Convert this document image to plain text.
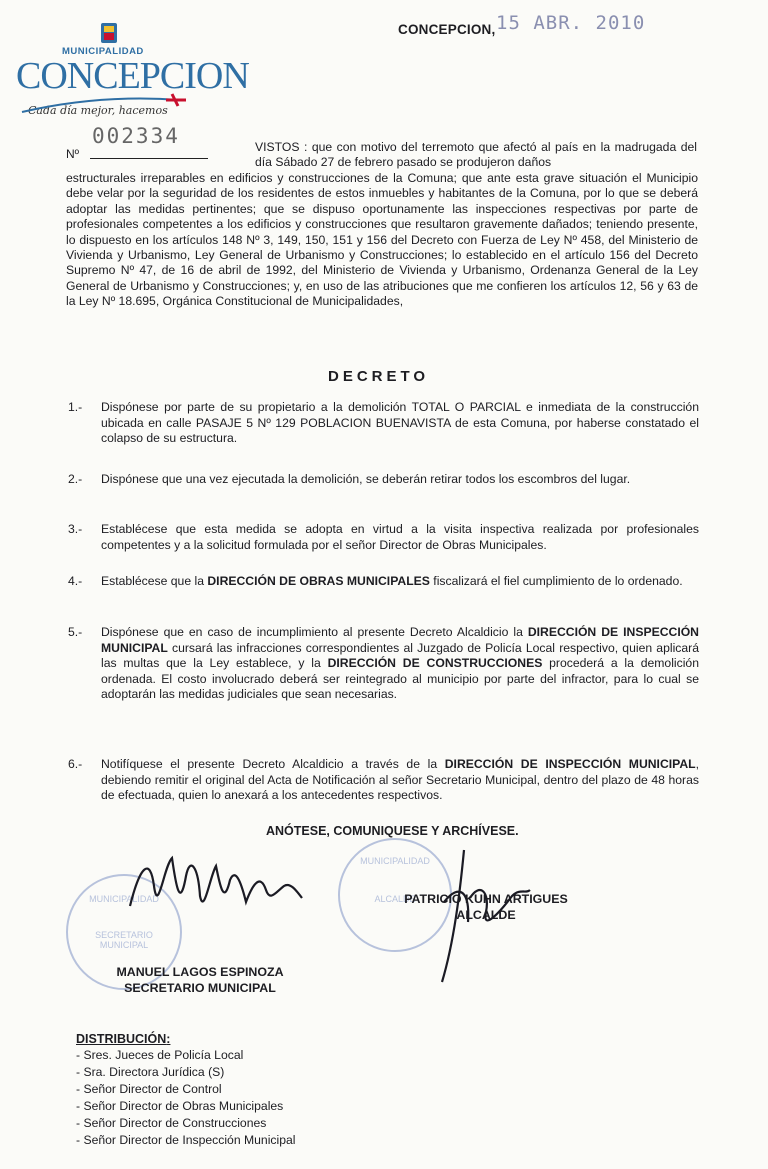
MUNICIPALIDAD
CONCEPCION
Cada día mejor, hacemos
CONCEPCION, 15 ABR. 2010
Nº
002334	VISTOS : que con motivo del terremoto que afectó al país en la madrugada del día Sábado 27 de febrero pasado se produjeron daños
estructurales irreparables en edificios y construcciones de la Comuna; que ante esta grave situación el Municipio debe velar por la seguridad de los residentes de estos inmuebles y habitantes de la Comuna, por lo que se deberá adoptar las medidas pertinentes; que se dispuso oportunamente las inspecciones respectivas por parte de profesionales competentes a los edificios y construcciones que resultaron gravemente dañados; teniendo presente, lo dispuesto en los artículos 148 Nº 3, 149, 150, 151 y 156 del Decreto con Fuerza de Ley Nº 458, del Ministerio de Vivienda y Urbanismo, Ley General de Urbanismo y Construcciones; lo establecido en el artículo 156 del Decreto Supremo Nº 47, de 16 de abril de 1992, del Ministerio de Vivienda y Urbanismo, Ordenanza General de la Ley General de Urbanismo y Construcciones; y, en uso de las atribuciones que me confieren los artículos 12, 56 y 63 de la Ley Nº 18.695, Orgánica Constitucional de Municipalidades,
DECRETO
1.- Dispónese por parte de su propietario a la demolición TOTAL O PARCIAL e inmediata de la construcción ubicada en calle PASAJE 5 Nº 129 POBLACION BUENAVISTA de esta Comuna, por haberse constatado el colapso de su estructura.
2.- Dispónese que una vez ejecutada la demolición, se deberán retirar todos los escombros del lugar.
3.- Establécese que esta medida se adopta en virtud a la visita inspectiva realizada por profesionales competentes y a la solicitud formulada por el señor Director de Obras Municipales.
4.- Establécese que la DIRECCIÓN DE OBRAS MUNICIPALES fiscalizará el fiel cumplimiento de lo ordenado.
5.- Dispónese que en caso de incumplimiento al presente Decreto Alcaldicio la DIRECCIÓN DE INSPECCIÓN MUNICIPAL cursará las infracciones correspondientes al Juzgado de Policía Local respectivo, quien aplicará las multas que la Ley establece, y la DIRECCIÓN DE CONSTRUCCIONES procederá a la demolición ordenada. El costo involucrado deberá ser reintegrado al municipio por parte del infractor, para lo cual se adoptarán las medidas judiciales que sean necesarias.
6.- Notifíquese el presente Decreto Alcaldicio a través de la DIRECCIÓN DE INSPECCIÓN MUNICIPAL, debiendo remitir el original del Acta de Notificación al señor Secretario Municipal, dentro del plazo de 48 horas de efectuada, quien lo anexará a los antecedentes respectivos.
ANÓTESE, COMUNIQUESE Y ARCHÍVESE.
MUNICIPALIDAD
SECRETARIO MUNICIPAL
MUNICIPALIDAD
ALCALDE
PATRICIO KUHN ARTIGUES
ALCALDE
MANUEL LAGOS ESPINOZA
SECRETARIO MUNICIPAL
DISTRIBUCIÓN:
- Sres. Jueces de Policía Local
- Sra. Directora Jurídica (S)
- Señor Director de Control
- Señor Director de Obras Municipales
- Señor Director de Construcciones
- Señor Director de Inspección Municipal
